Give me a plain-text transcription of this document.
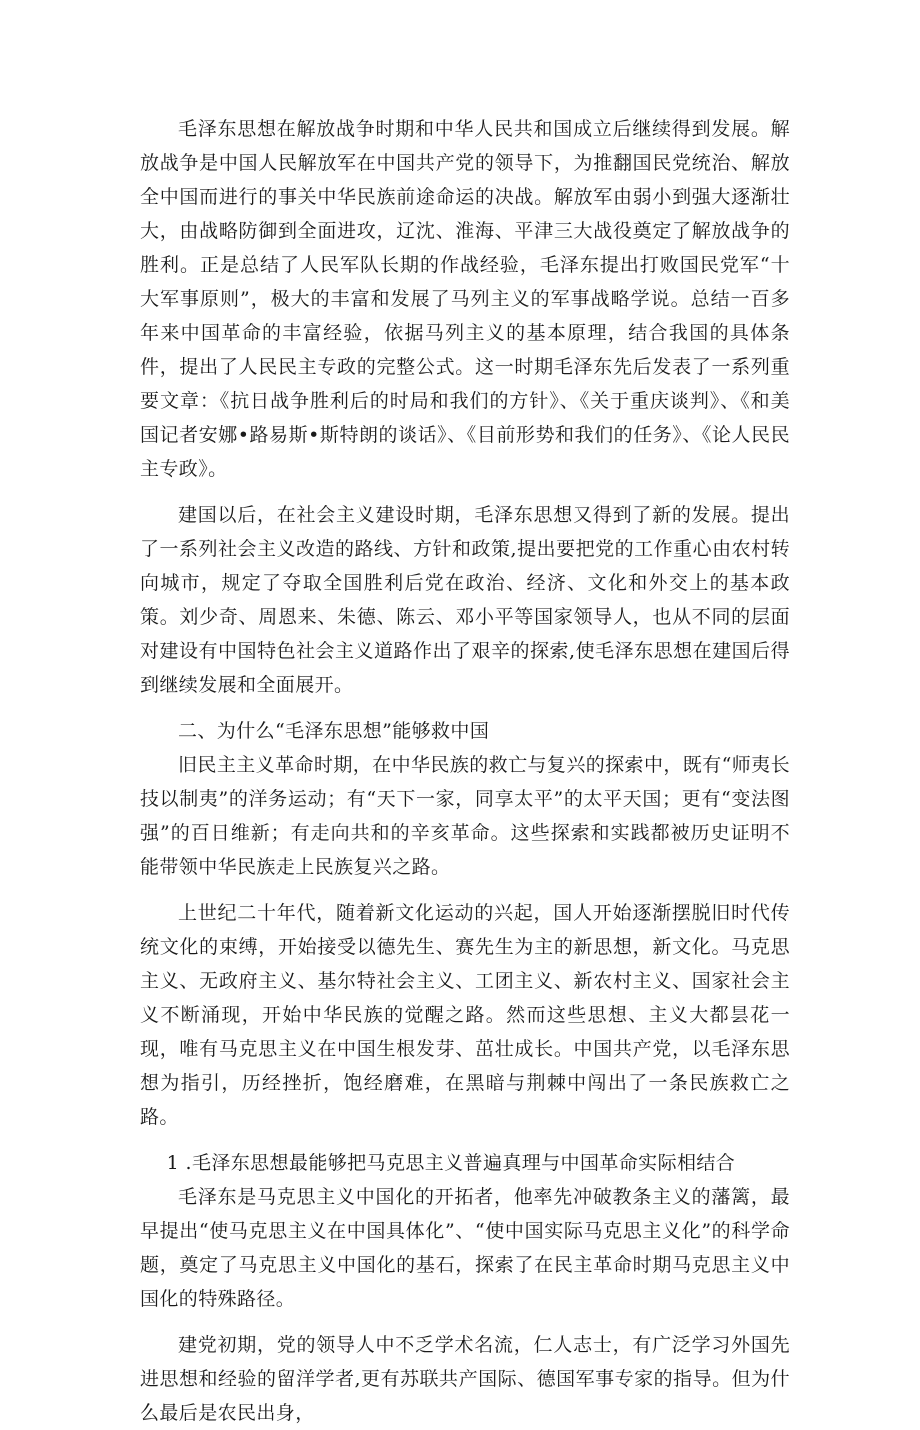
毛泽东思想在解放战争时期和中华人民共和国成立后继续得到发展。解放战争是中国人民解放军在中国共产党的领导下，为推翻国民党统治、解放全中国而进行的事关中华民族前途命运的决战。解放军由弱小到强大逐渐壮大，由战略防御到全面进攻，辽沈、淮海、平津三大战役奠定了解放战争的胜利。正是总结了人民军队长期的作战经验，毛泽东提出打败国民党军“十大军事原则”，极大的丰富和发展了马列主义的军事战略学说。总结一百多年来中国革命的丰富经验，依据马列主义的基本原理，结合我国的具体条件，提出了人民民主专政的完整公式。这一时期毛泽东先后发表了一系列重要文章：《抗日战争胜利后的时局和我们的方针》、《关于重庆谈判》、《和美国记者安娜•路易斯•斯特朗的谈话》、《目前形势和我们的任务》、《论人民民主专政》。

建国以后，在社会主义建设时期，毛泽东思想又得到了新的发展。提出了一系列社会主义改造的路线、方针和政策,提出要把党的工作重心由农村转向城市，规定了夺取全国胜利后党在政治、经济、文化和外交上的基本政策。刘少奇、周恩来、朱德、陈云、邓小平等国家领导人，也从不同的层面对建设有中国特色社会主义道路作出了艰辛的探索,使毛泽东思想在建国后得到继续发展和全面展开。

二、为什么“毛泽东思想”能够救中国

旧民主主义革命时期，在中华民族的救亡与复兴的探索中，既有“师夷长技以制夷”的洋务运动；有“天下一家，同享太平”的太平天国；更有“变法图强”的百日维新；有走向共和的辛亥革命。这些探索和实践都被历史证明不能带领中华民族走上民族复兴之路。

上世纪二十年代，随着新文化运动的兴起，国人开始逐渐摆脱旧时代传统文化的束缚，开始接受以德先生、赛先生为主的新思想，新文化。马克思主义、无政府主义、基尔特社会主义、工团主义、新农村主义、国家社会主义不断涌现，开始中华民族的觉醒之路。然而这些思想、主义大都昙花一现，唯有马克思主义在中国生根发芽、茁壮成长。中国共产党，以毛泽东思想为指引，历经挫折，饱经磨难，在黑暗与荆棘中闯出了一条民族救亡之路。

1 .毛泽东思想最能够把马克思主义普遍真理与中国革命实际相结合

毛泽东是马克思主义中国化的开拓者，他率先冲破教条主义的藩篱，最早提出“使马克思主义在中国具体化”、“使中国实际马克思主义化”的科学命题，奠定了马克思主义中国化的基石，探索了在民主革命时期马克思主义中国化的特殊路径。

建党初期，党的领导人中不乏学术名流，仁人志士，有广泛学习外国先进思想和经验的留洋学者,更有苏联共产国际、德国军事专家的指导。但为什么最后是农民出身，
